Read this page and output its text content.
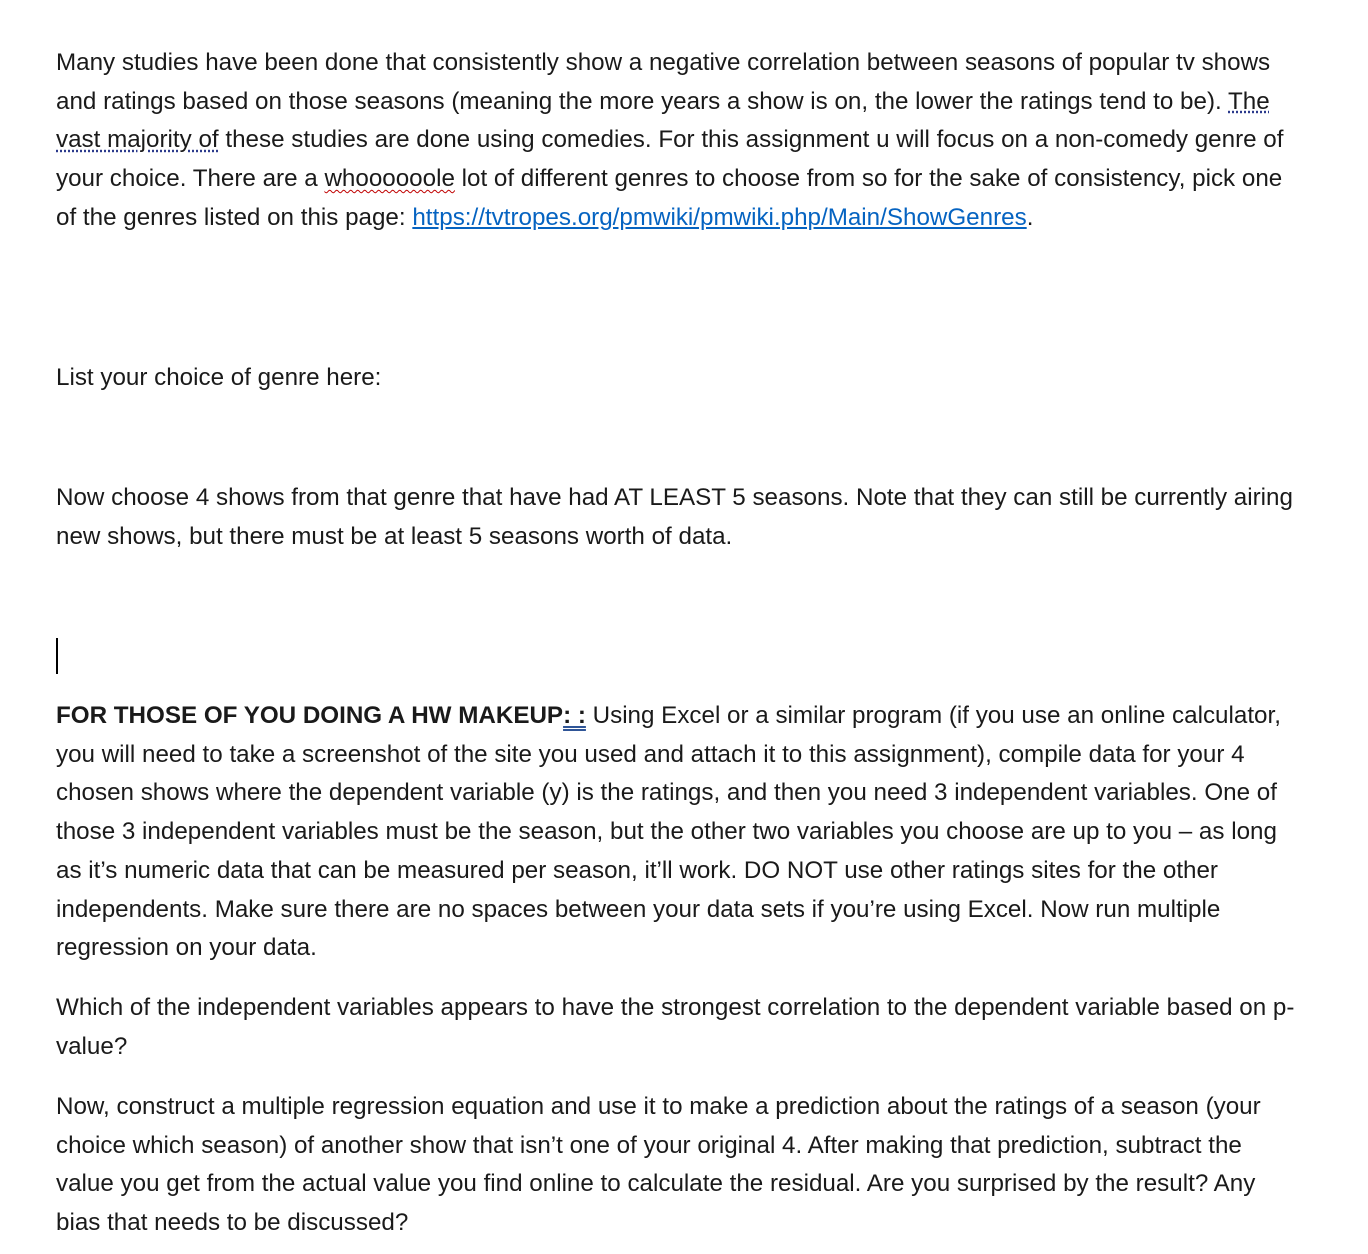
Many studies have been done that consistently show a negative correlation between seasons of popular tv shows and ratings based on those seasons (meaning the more years a show is on, the lower the ratings tend to be). The vast majority of these studies are done using comedies. For this assignment u will focus on a non-comedy genre of your choice. There are a whoooooole lot of different genres to choose from so for the sake of consistency, pick one of the genres listed on this page: https://tvtropes.org/pmwiki/pmwiki.php/Main/ShowGenres.

List your choice of genre here:

Now choose 4 shows from that genre that have had AT LEAST 5 seasons. Note that they can still be currently airing new shows, but there must be at least 5 seasons worth of data.

FOR THOSE OF YOU DOING A HW MAKEUP: : Using Excel or a similar program (if you use an online calculator, you will need to take a screenshot of the site you used and attach it to this assignment), compile data for your 4 chosen shows where the dependent variable (y) is the ratings, and then you need 3 independent variables. One of those 3 independent variables must be the season, but the other two variables you choose are up to you – as long as it’s numeric data that can be measured per season, it’ll work. DO NOT use other ratings sites for the other independents. Make sure there are no spaces between your data sets if you’re using Excel. Now run multiple regression on your data.

Which of the independent variables appears to have the strongest correlation to the dependent variable based on p-value?

Now, construct a multiple regression equation and use it to make a prediction about the ratings of a season (your choice which season) of another show that isn’t one of your original 4. After making that prediction, subtract the value you get from the actual value you find online to calculate the residual. Are you surprised by the result? Any bias that needs to be discussed?
